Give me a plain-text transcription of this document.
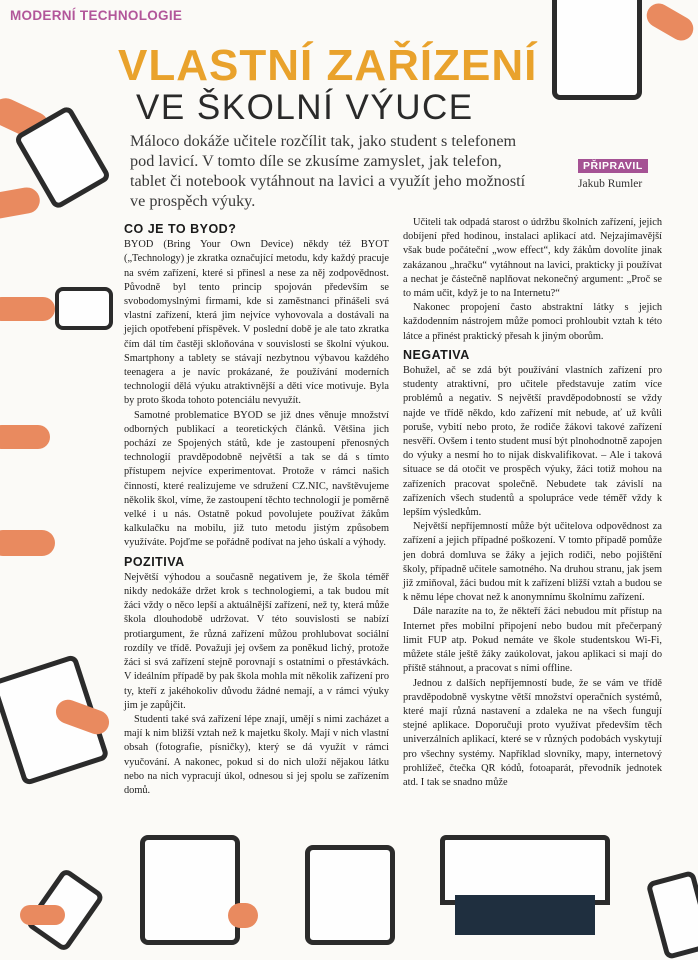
MODERNÍ TECHNOLOGIE
VLASTNÍ ZAŘÍZENÍ
VE ŠKOLNÍ VÝUCE
Máloco dokáže učitele rozčílit tak, jako student s telefonem pod lavicí. V tomto díle se zkusíme zamyslet, jak telefon, tablet či notebook vytáhnout na lavici a využít jeho možností ve prospěch výuky.
PŘIPRAVIL
Jakub Rumler
CO JE TO BYOD?

BYOD (Bring Your Own Device) někdy též BYOT („Technology) je zkratka označující metodu, kdy každý pracuje na svém zařízení, které si přinesl a nese za něj zodpovědnost. Původně byl tento princip spojován především se svobodomyslnými firmami, kde si zaměstnanci přinášeli svá vlastní zařízení, která jim nejvíce vyhovovala a dostávali na jejich opotřebení příspěvek. V poslední době je ale tato zkratka čím dál tím častěji skloňována v souvislosti se školní výukou. Smartphony a tablety se stávají nezbytnou výbavou každého teenagera a je navíc prokázané, že používání moderních technologií dělá výuku atraktivnější a děti více motivuje. Byla by proto škoda tohoto potenciálu nevyužít.

Samotné problematice BYOD se již dnes věnuje množství odborných publikací a teoretických článků. Většina jich pochází ze Spojených států, kde je zastoupení přenosných technologií pravděpodobně největší a tak se dá s tímto přístupem nejvíce experimentovat. Protože v rámci našich činností, které realizujeme ve sdružení CZ.NIC, navštěvujeme několik škol, víme, že zastoupení těchto technologií je poměrně velké i u nás. Ostatně pokud povolujete používat žákům kalkulačku na mobilu, již tuto metodu jistým způsobem využíváte. Pojďme se pořádně podívat na jeho úskalí a výhody.

POZITIVA

Největší výhodou a současně negativem je, že škola téměř nikdy nedokáže držet krok s technologiemi, a tak budou mít žáci vždy o něco lepší a aktuálnější zařízení, než ty, která může škola dlouhodobě udržovat. V této souvislosti se nabízí protiargument, že různá zařízení můžou prohlubovat sociální rozdíly ve třídě. Považuji jej ovšem za poněkud lichý, protože žáci si svá zařízení stejně porovnají s ostatními o přestávkách. V ideálním případě by pak škola mohla mít několik zařízení pro ty, kteří z jakéhokoliv důvodu žádné nemají, a v rámci výuky jim je zapůjčit.

Studenti také svá zařízení lépe znají, umějí s nimi zacházet a mají k nim bližší vztah než k majetku školy. Mají v nich vlastní obsah (fotografie, písničky), který se dá využít v rámci vyučování. A nakonec, pokud si do nich uloží nějakou látku nebo na nich vypracují úkol, odnesou si jej spolu se zařízením domů.

Učiteli tak odpadá starost o údržbu školních zařízení, jejich dobíjení před hodinou, instalaci aplikací atd. Nejzajímavější však bude počáteční „wow effect“, kdy žákům dovolíte jinak zakázanou „hračku“ vytáhnout na lavici, prakticky ji používat a nechat je částečně naplňovat nekonečný argument: „Proč se to mám učit, když je to na Internetu?“

Nakonec propojení často abstraktní látky s jejich každodenním nástrojem může pomoci prohloubit vztah k této látce a přinést praktický přesah k jiným oborům.

NEGATIVA

Bohužel, ač se zdá být používání vlastních zařízení pro studenty atraktivní, pro učitele představuje zatím více problémů a negativ. S největší pravděpodobností se vždy najde ve třídě někdo, kdo zařízení mít nebude, ať už kvůli poruše, vybití nebo proto, že rodiče žákovi takové zařízení nesvěří. Ovšem i tento student musí být plnohodnotně zapojen do výuky a nesmí ho to nijak diskvalifikovat. – Ale i taková situace se dá otočit ve prospěch výuky, žáci totiž mohou na zařízeních pracovat společně. Nebudete tak závislí na zařízeních všech studentů a spolupráce vede téměř vždy k lepším výsledkům.

Největší nepříjemností může být učitelova odpovědnost za zařízení a jejich případné poškození. V tomto případě pomůže jen dobrá domluva se žáky a jejich rodiči, nebo pojištění školy, případně učitele samotného. Na druhou stranu, jak jsem již zmiňoval, žáci budou mít k zařízení bližší vztah a budou se k němu lépe chovat než k anonymnímu školnímu zařízení.

Dále narazíte na to, že někteří žáci nebudou mít přístup na Internet přes mobilní připojení nebo budou mít přečerpaný limit FUP atp. Pokud nemáte ve škole studentskou Wi-Fi, můžete stále ještě žáky zaúkolovat, jakou aplikaci si mají do příště stáhnout, a pracovat s ními offline.

Jednou z dalších nepříjemností bude, že se vám ve třídě pravděpodobně vyskytne větší množství operačních systémů, které mají různá nastavení a zdaleka ne na všech fungují stejné aplikace. Doporučuji proto využívat především těch univerzálních aplikací, které se v různých podobách vyskytují pro všechny systémy. Například slovníky, mapy, internetový prohlížeč, čtečka QR kódů, fotoaparát, převodník jednotek atd. I tak se snadno může
